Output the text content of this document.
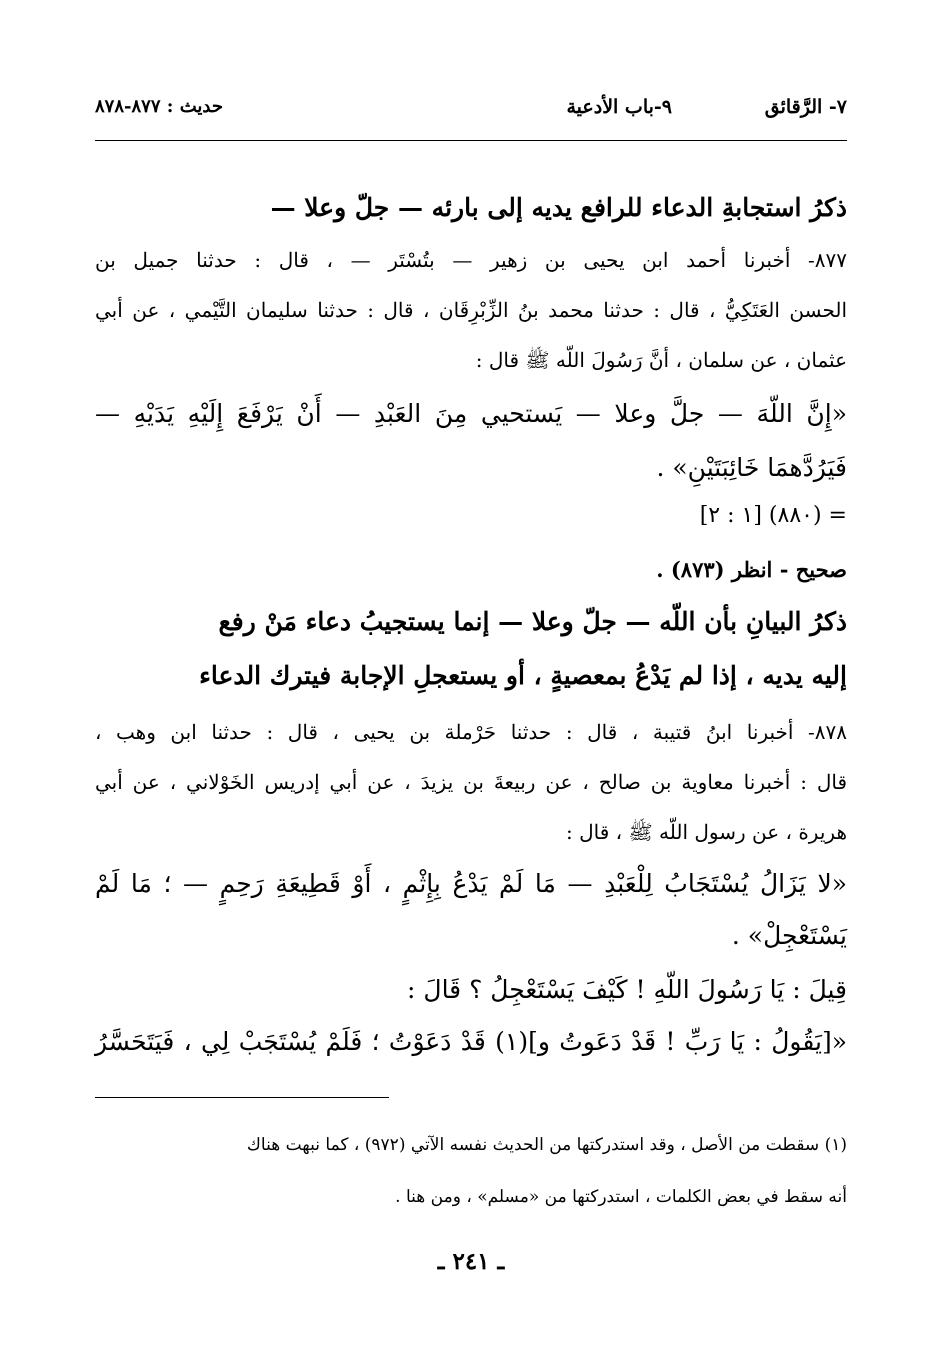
٧- الرَّقائق
٩-باب الأدعية
حديث : ٨٧٧-٨٧٨
ذكرُ استجابةِ الدعاء للرافع يديه إلى بارئه — جلّ وعلا —
٨٧٧- أخبرنا أحمد ابن يحيى بن زهير — بتُسْتَر — ، قال : حدثنا جميل بن
الحسن العَتَكِيُّ ، قال : حدثنا محمد بنُ الزِّبْرِقَان ، قال : حدثنا سليمان التَّيْمي ، عن أبي
عثمان ، عن سلمان ، أنَّ رَسُولَ اللّه ﷺ قال :
«إِنَّ اللّهَ — جلَّ وعلا — يَستحيي مِنَ العَبْدِ — أَنْ يَرْفَعَ إِلَيْهِ يَدَيْهِ —
فَيَرُدَّهمَا خَائِبَتَيْنِ» .
= (٨٨٠) [١ : ٢]
صحيح - انظر (٨٧٣) .
ذكرُ البيانِ بأن اللّه — جلّ وعلا — إنما يستجيبُ دعاء مَنْ رفع
إليه يديه ، إذا لم يَدْعُ بمعصيةٍ ، أو يستعجلِ الإجابة فيترك الدعاء
٨٧٨- أخبرنا ابنُ قتيبة ، قال : حدثنا حَرْملة بن يحيى ، قال : حدثنا ابن وهب ،
قال : أخبرنا معاوية بن صالح ، عن ربيعةَ بن يزيدَ ، عن أبي إدريس الخَوْلاني ، عن أبي
هريرة ، عن رسول اللّه ﷺ ، قال :
«لا يَزَالُ يُسْتَجَابُ لِلْعَبْدِ — مَا لَمْ يَدْعُ بِإِثْمٍ ، أَوْ قَطِيعَةِ رَحِمٍ — ؛ مَا لَمْ
يَسْتَعْجِلْ» .
قِيلَ : يَا رَسُولَ اللّهِ ! كَيْفَ يَسْتَعْجِلُ ؟ قَالَ :
«[يَقُولُ : يَا رَبِّ ! قَدْ دَعَوتُ و](١) قَدْ دَعَوْتُ ؛ فَلَمْ يُسْتَجَبْ لِي ، فَيَتَحَسَّرُ
(١) سقطت من الأصل ، وقد استدركتها من الحديث نفسه الآتي (٩٧٢) ، كما نبهت هناك
أنه سقط في بعض الكلمات ، استدركتها من «مسلم» ، ومن هنا .
ـ ٢٤١ ـ
